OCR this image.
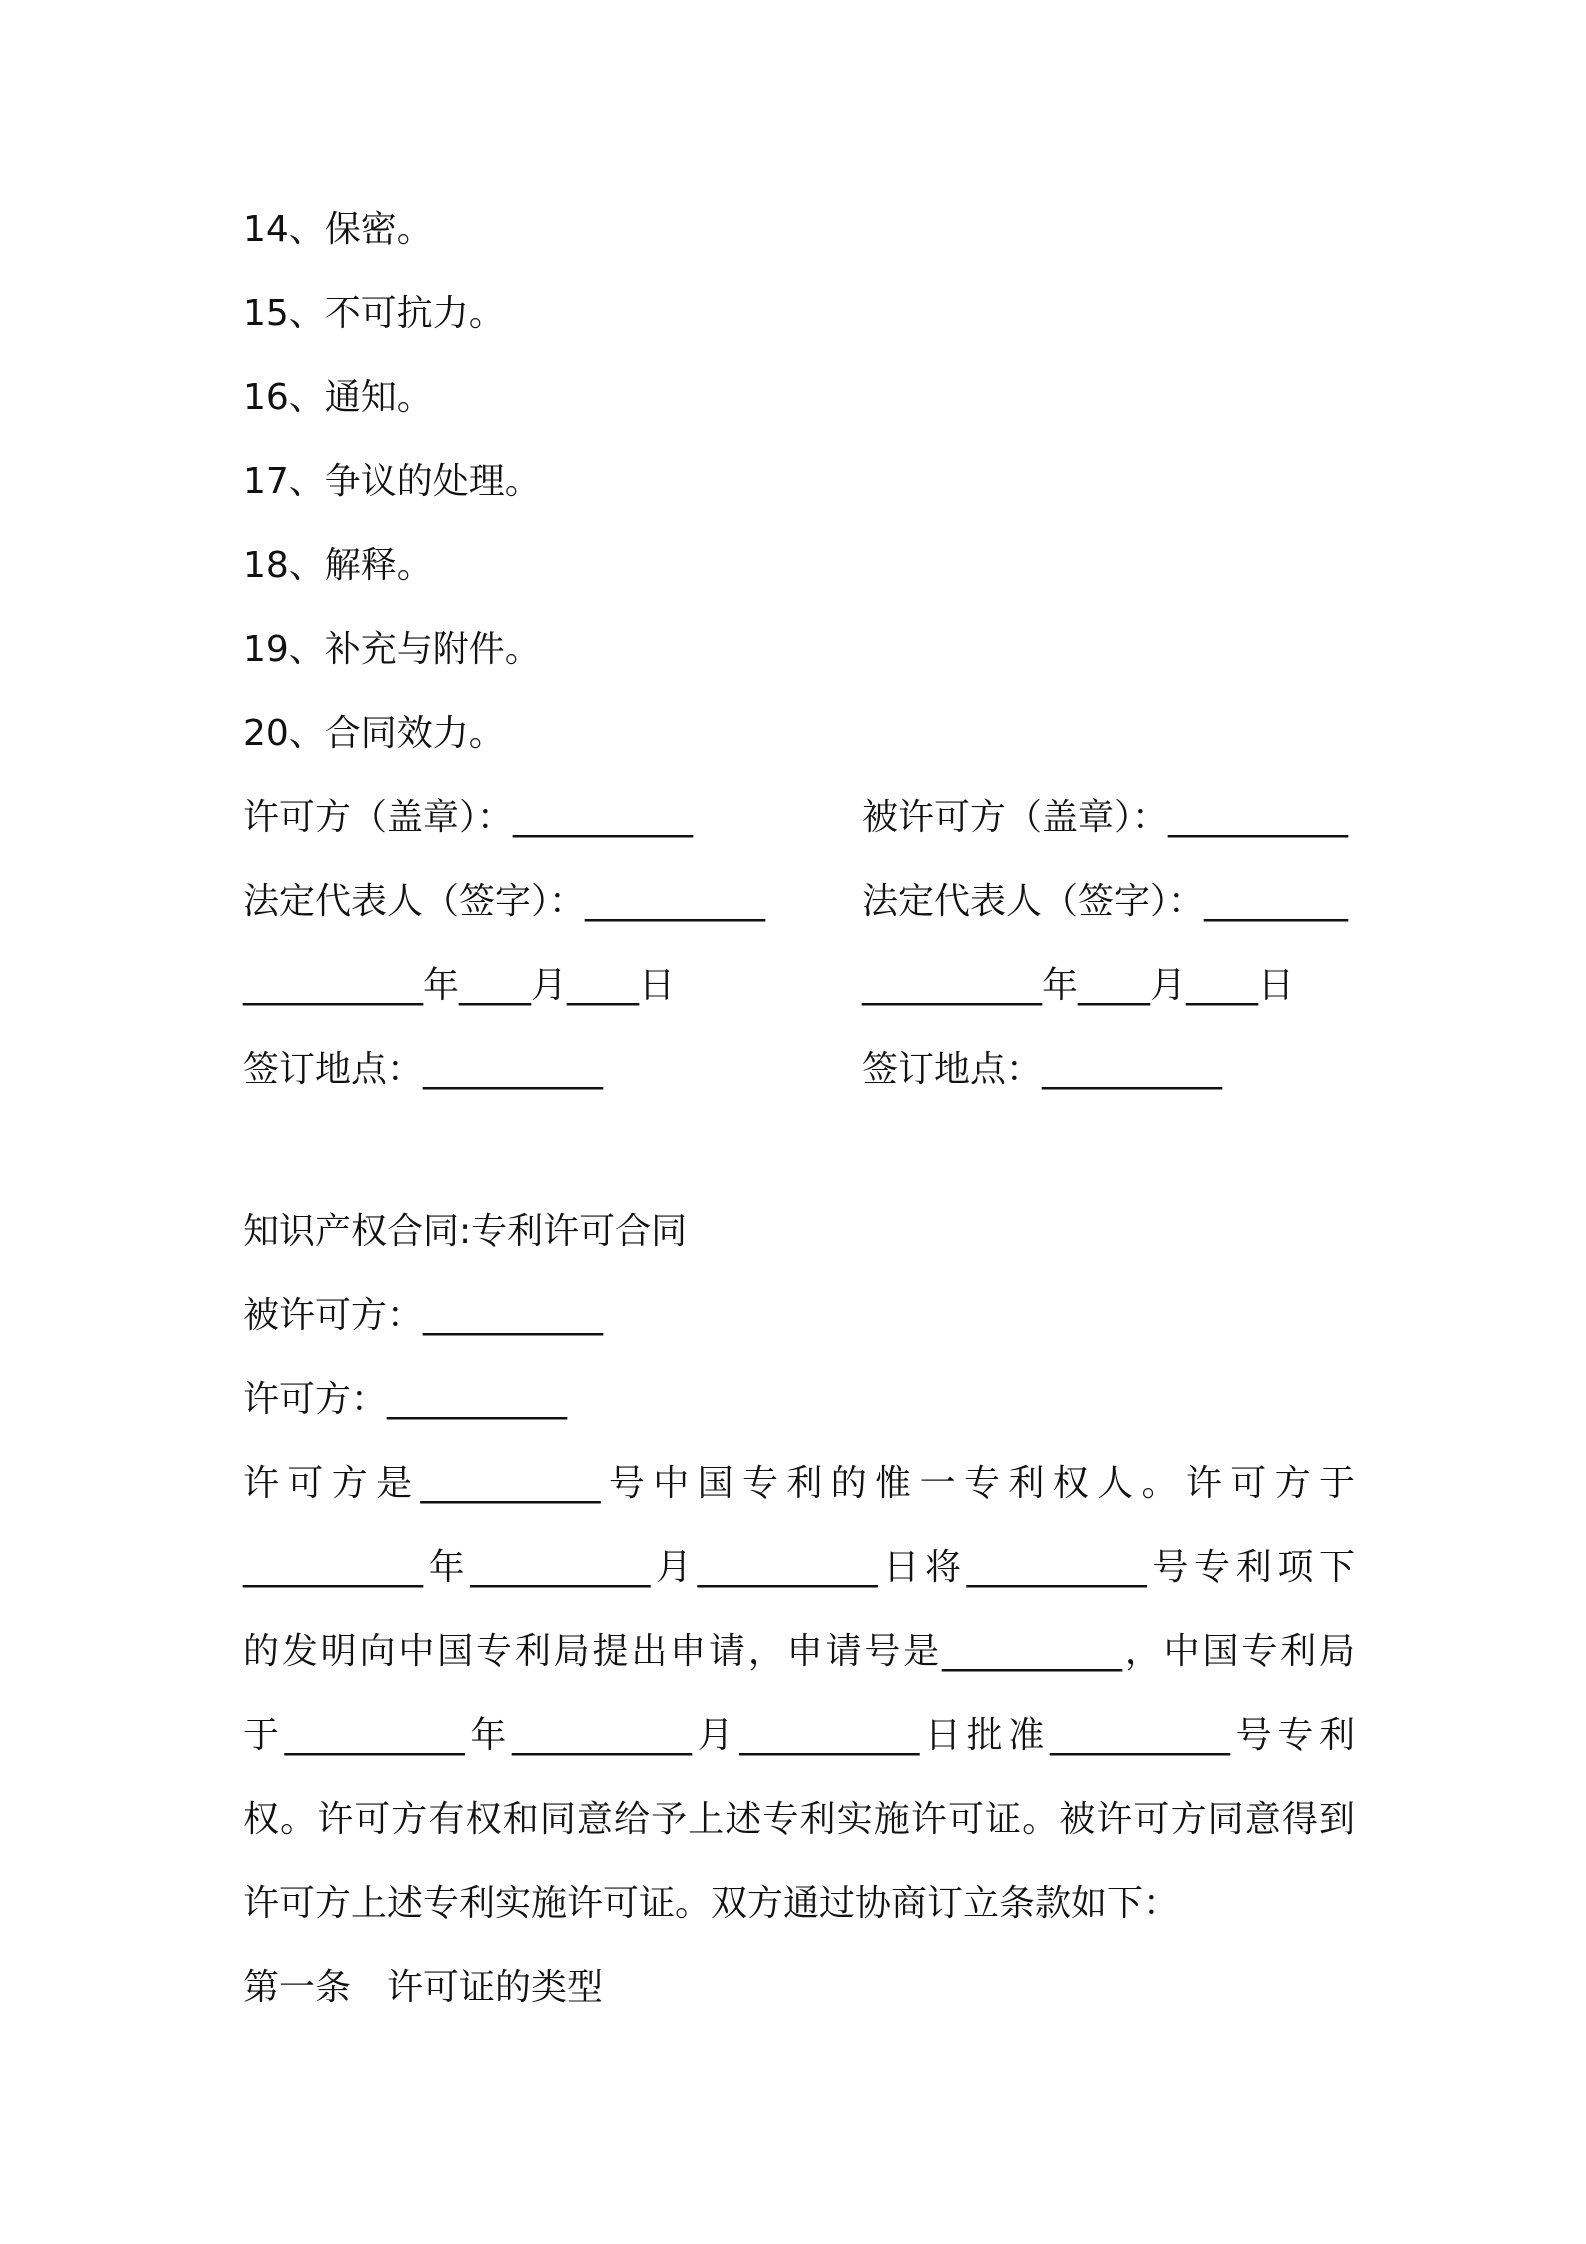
14、保密。
15、不可抗力。
16、通知。
17、争议的处理。
18、解释。
19、补充与附件。
20、合同效力。
许可方（盖章）：__________	被许可方（盖章）：__________
法定代表人（签字）：__________	法定代表人（签字）：________
__________年____月____日	__________年____月____日
签订地点：__________	签订地点：__________
知识产权合同:专利许可合同
被许可方：__________
许可方：__________
许可方是__________号中国专利的惟一专利权人。许可方于
__________年__________月__________日将__________号专利项下
的发明向中国专利局提出申请，申请号是__________，中国专利局
于__________年__________月__________日批准__________号专利
权。许可方有权和同意给予上述专利实施许可证。被许可方同意得到
许可方上述专利实施许可证。双方通过协商订立条款如下：
第一条　许可证的类型
